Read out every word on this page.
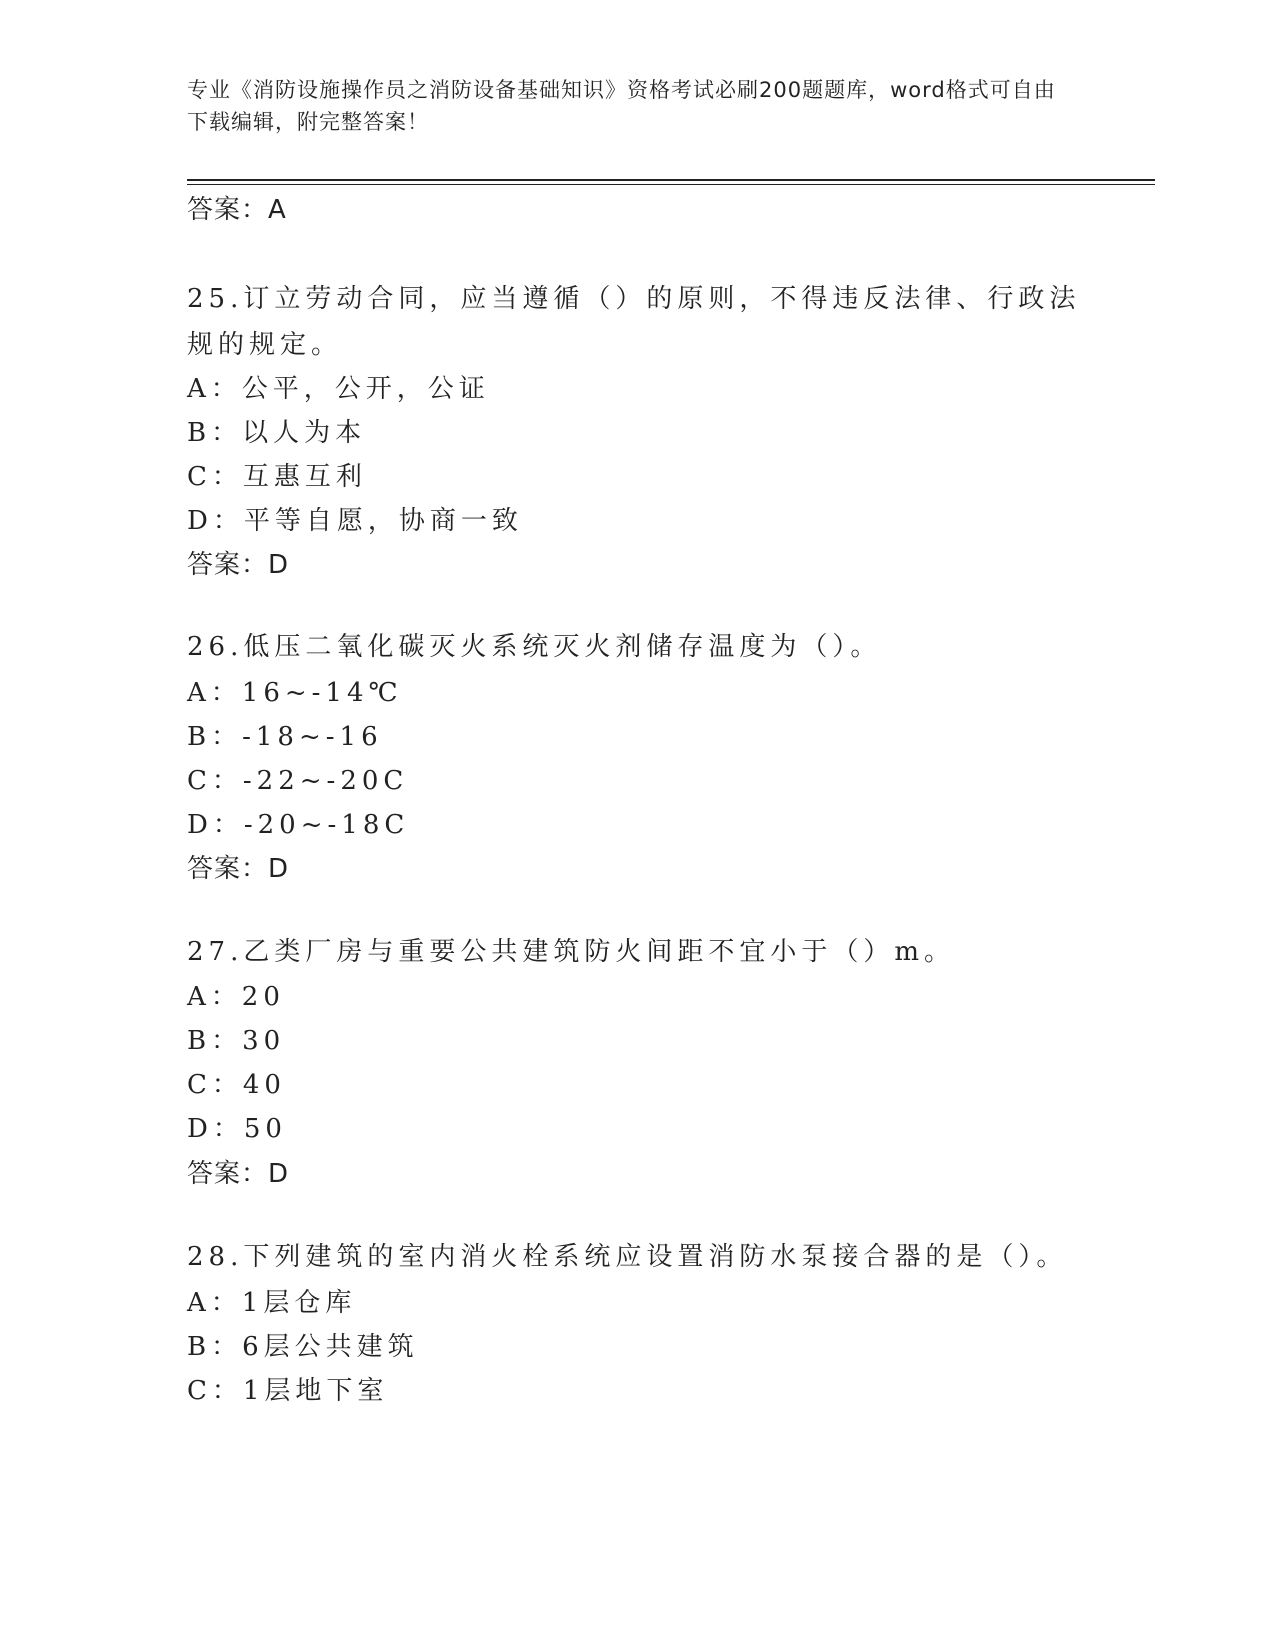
专业《消防设施操作员之消防设备基础知识》资格考试必刷200题题库，word格式可自由下载编辑，附完整答案！
答案：A
25.订立劳动合同，应当遵循（）的原则，不得违反法律、行政法规的规定。
A：公平，公开，公证
B：以人为本
C：互惠互利
D：平等自愿，协商一致
答案：D
26.低压二氧化碳灭火系统灭火剂储存温度为（）。
A：16~-14℃
B：-18~-16
C：-22~-20C
D：-20~-18C
答案：D
27.乙类厂房与重要公共建筑防火间距不宜小于（）m。
A：20
B：30
C：40
D：50
答案：D
28.下列建筑的室内消火栓系统应设置消防水泵接合器的是（）。
A：1层仓库
B：6层公共建筑
C：1层地下室
